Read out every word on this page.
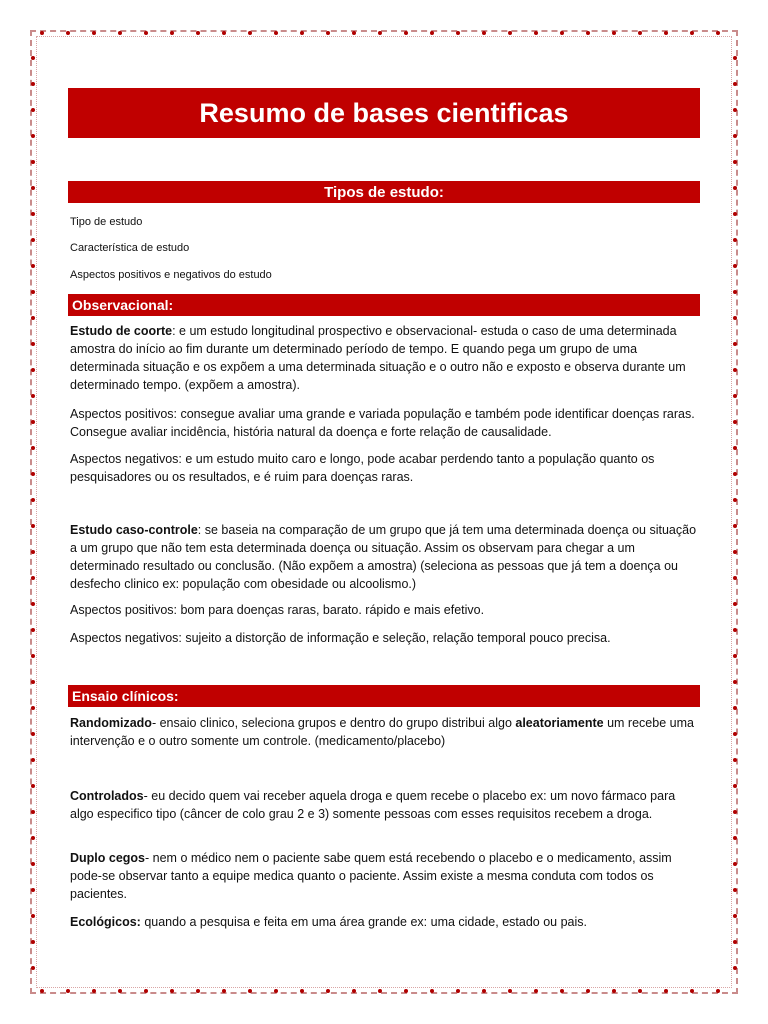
Resumo de bases cientificas
Tipos de estudo:
Tipo de estudo
Característica de estudo
Aspectos positivos e negativos do estudo
Observacional:
Estudo de coorte: e um estudo longitudinal prospectivo e observacional- estuda o caso de uma determinada amostra do início ao fim durante um determinado período de tempo. E quando pega um grupo de uma determinada situação e os expõem a uma determinada situação e o outro não e exposto e observa durante um determinado tempo. (expõem a amostra).
Aspectos positivos: consegue avaliar uma grande e variada população e também pode identificar doenças raras. Consegue avaliar incidência, história natural da doença e forte relação de causalidade.
Aspectos negativos: e um estudo muito caro e longo, pode acabar perdendo tanto a população quanto os pesquisadores ou os resultados, e é ruim para doenças raras.
Estudo caso-controle: se baseia na comparação de um grupo que já tem uma determinada doença ou situação a um grupo que não tem esta determinada doença ou situação. Assim os observam para chegar a um determinado resultado ou conclusão. (Não expõem a amostra) (seleciona as pessoas que já tem a doença ou desfecho clinico ex: população com obesidade ou alcoolismo.)
Aspectos positivos: bom para doenças raras, barato. rápido e mais efetivo.
Aspectos negativos: sujeito a distorção de informação e seleção, relação temporal pouco precisa.
Ensaio clínicos:
Randomizado- ensaio clinico, seleciona grupos e dentro do grupo distribui algo aleatoriamente um recebe uma intervenção e o outro somente um controle. (medicamento/placebo)
Controlados- eu decido quem vai receber aquela droga e quem recebe o placebo ex: um novo fármaco para algo especifico tipo (câncer de colo grau 2 e 3) somente pessoas com esses requisitos recebem a droga.
Duplo cegos- nem o médico nem o paciente sabe quem está recebendo o placebo e o medicamento, assim pode-se observar tanto a equipe medica quanto o paciente. Assim existe a mesma conduta com todos os pacientes.
Ecológicos: quando a pesquisa e feita em uma área grande ex: uma cidade, estado ou pais.
